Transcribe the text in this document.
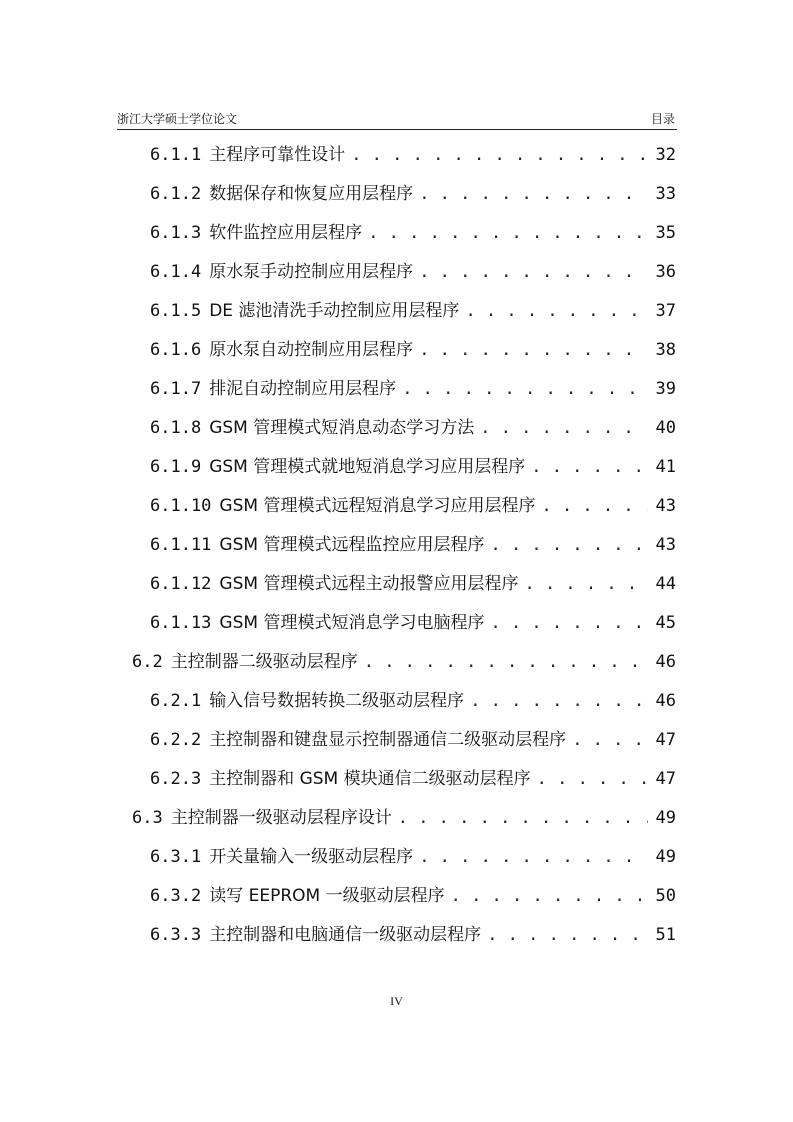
浙江大学硕士学位论文	目录
6.1.1 主程序可靠性设计 . . .	32
6.1.2 数据保存和恢复应用层程序 . . .	33
6.1.3 软件监控应用层程序 . . .	35
6.1.4 原水泵手动控制应用层程序 . . .	36
6.1.5 DE 滤池清洗手动控制应用层程序 . . .	37
6.1.6 原水泵自动控制应用层程序 . . .	38
6.1.7 排泥自动控制应用层程序 . . .	39
6.1.8 GSM 管理模式短消息动态学习方法 . . .	40
6.1.9 GSM 管理模式就地短消息学习应用层程序 . . .	41
6.1.10 GSM 管理模式远程短消息学习应用层程序 . . .	43
6.1.11 GSM 管理模式远程监控应用层程序 . . .	43
6.1.12 GSM 管理模式远程主动报警应用层程序 . . .	44
6.1.13 GSM 管理模式短消息学习电脑程序 . . .	45
6.2 主控制器二级驱动层程序 . . .	46
6.2.1 输入信号数据转换二级驱动层程序 . . .	46
6.2.2 主控制器和键盘显示控制器通信二级驱动层程序 . . .	47
6.2.3 主控制器和 GSM 模块通信二级驱动层程序 . . .	47
6.3 主控制器一级驱动层程序设计 . . .	49
6.3.1 开关量输入一级驱动层程序 . . .	49
6.3.2 读写 EEPROM 一级驱动层程序 . . .	50
6.3.3 主控制器和电脑通信一级驱动层程序 . . .	51
IV
